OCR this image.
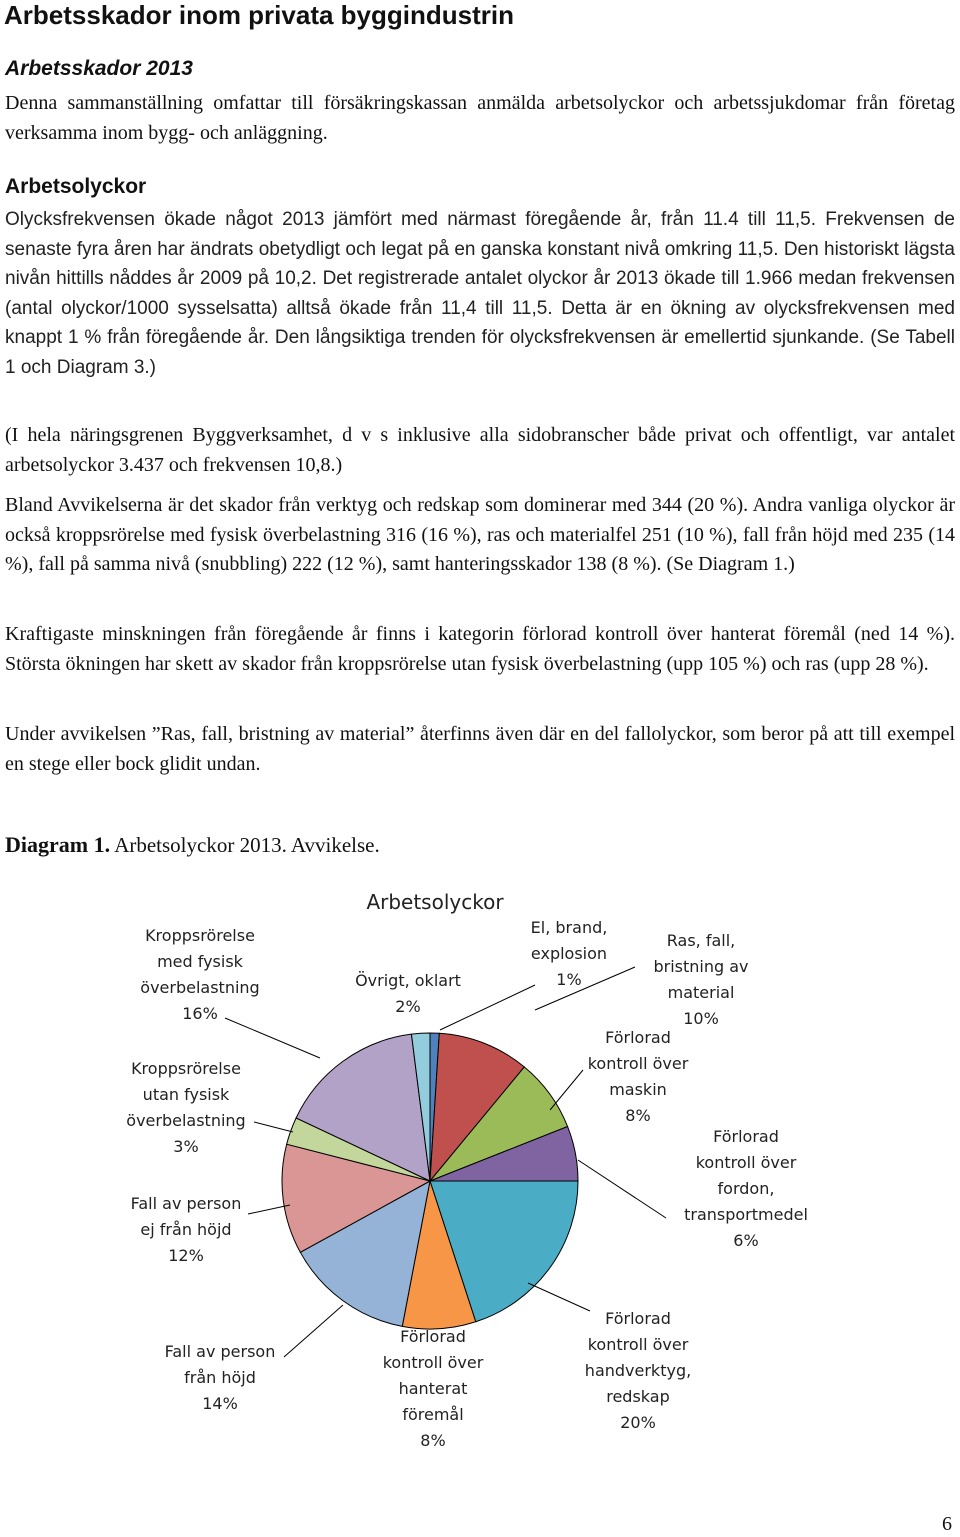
Arbetsskador inom privata byggindustrin
Arbetsskador 2013

Denna sammanställning omfattar till försäkringskassan anmälda arbetsolyckor och arbetssjukdomar från företag verksamma inom bygg- och anläggning.

Arbetsolyckor

Olycksfrekvensen ökade något 2013 jämfört med närmast föregående år, från 11.4 till 11,5. Frekvensen de senaste fyra åren har ändrats obetydligt och legat på en ganska konstant nivå omkring 11,5. Den historiskt lägsta nivån hittills nåddes år 2009 på 10,2. Det registrerade antalet olyckor år 2013 ökade till 1.966 medan frekvensen (antal olyckor/1000 sysselsatta) alltså ökade från 11,4 till 11,5. Detta är en ökning av olycksfrekvensen med knappt 1 % från föregående år. Den långsiktiga trenden för olycksfrekvensen är emellertid sjunkande. (Se Tabell 1 och Diagram 3.)

(I hela näringsgrenen Byggverksamhet, d v s inklusive alla sidobranscher både privat och offentligt, var antalet arbetsolyckor 3.437 och frekvensen 10,8.)

Bland Avvikelserna är det skador från verktyg och redskap som dominerar med 344 (20 %). Andra vanliga olyckor är också kroppsrörelse med fysisk överbelastning 316 (16 %), ras och materialfel 251 (10 %), fall från höjd med 235 (14 %), fall på samma nivå (snubbling) 222 (12 %), samt hanteringsskador 138 (8 %). (Se Diagram 1.)

Kraftigaste minskningen från föregående år finns i kategorin förlorad kontroll över hanterat föremål (ned 14 %). Största ökningen har skett av skador från kroppsrörelse utan fysisk överbelastning (upp 105 %) och ras (upp 28 %).

Under avvikelsen ”Ras, fall, bristning av material” återfinns även där en del fallolyckor, som beror på att till exempel en stege eller bock glidit undan.

Diagram 1. Arbetsolyckor 2013. Avvikelse.

Arbetsolyckor
El, brand, explosion 1%
Ras, fall, bristning av material 10%
Förlorad kontroll över maskin 8%
Förlorad kontroll över fordon, transportmedel 6%
Förlorad kontroll över handverktyg, redskap 20%
Förlorad kontroll över hanterat föremål 8%
Fall av person från höjd 14%
Fall av person ej från höjd 12%
Kroppsrörelse utan fysisk överbelastning 3%
Kroppsrörelse med fysisk överbelastning 16%
Övrigt, oklart 2%

6
